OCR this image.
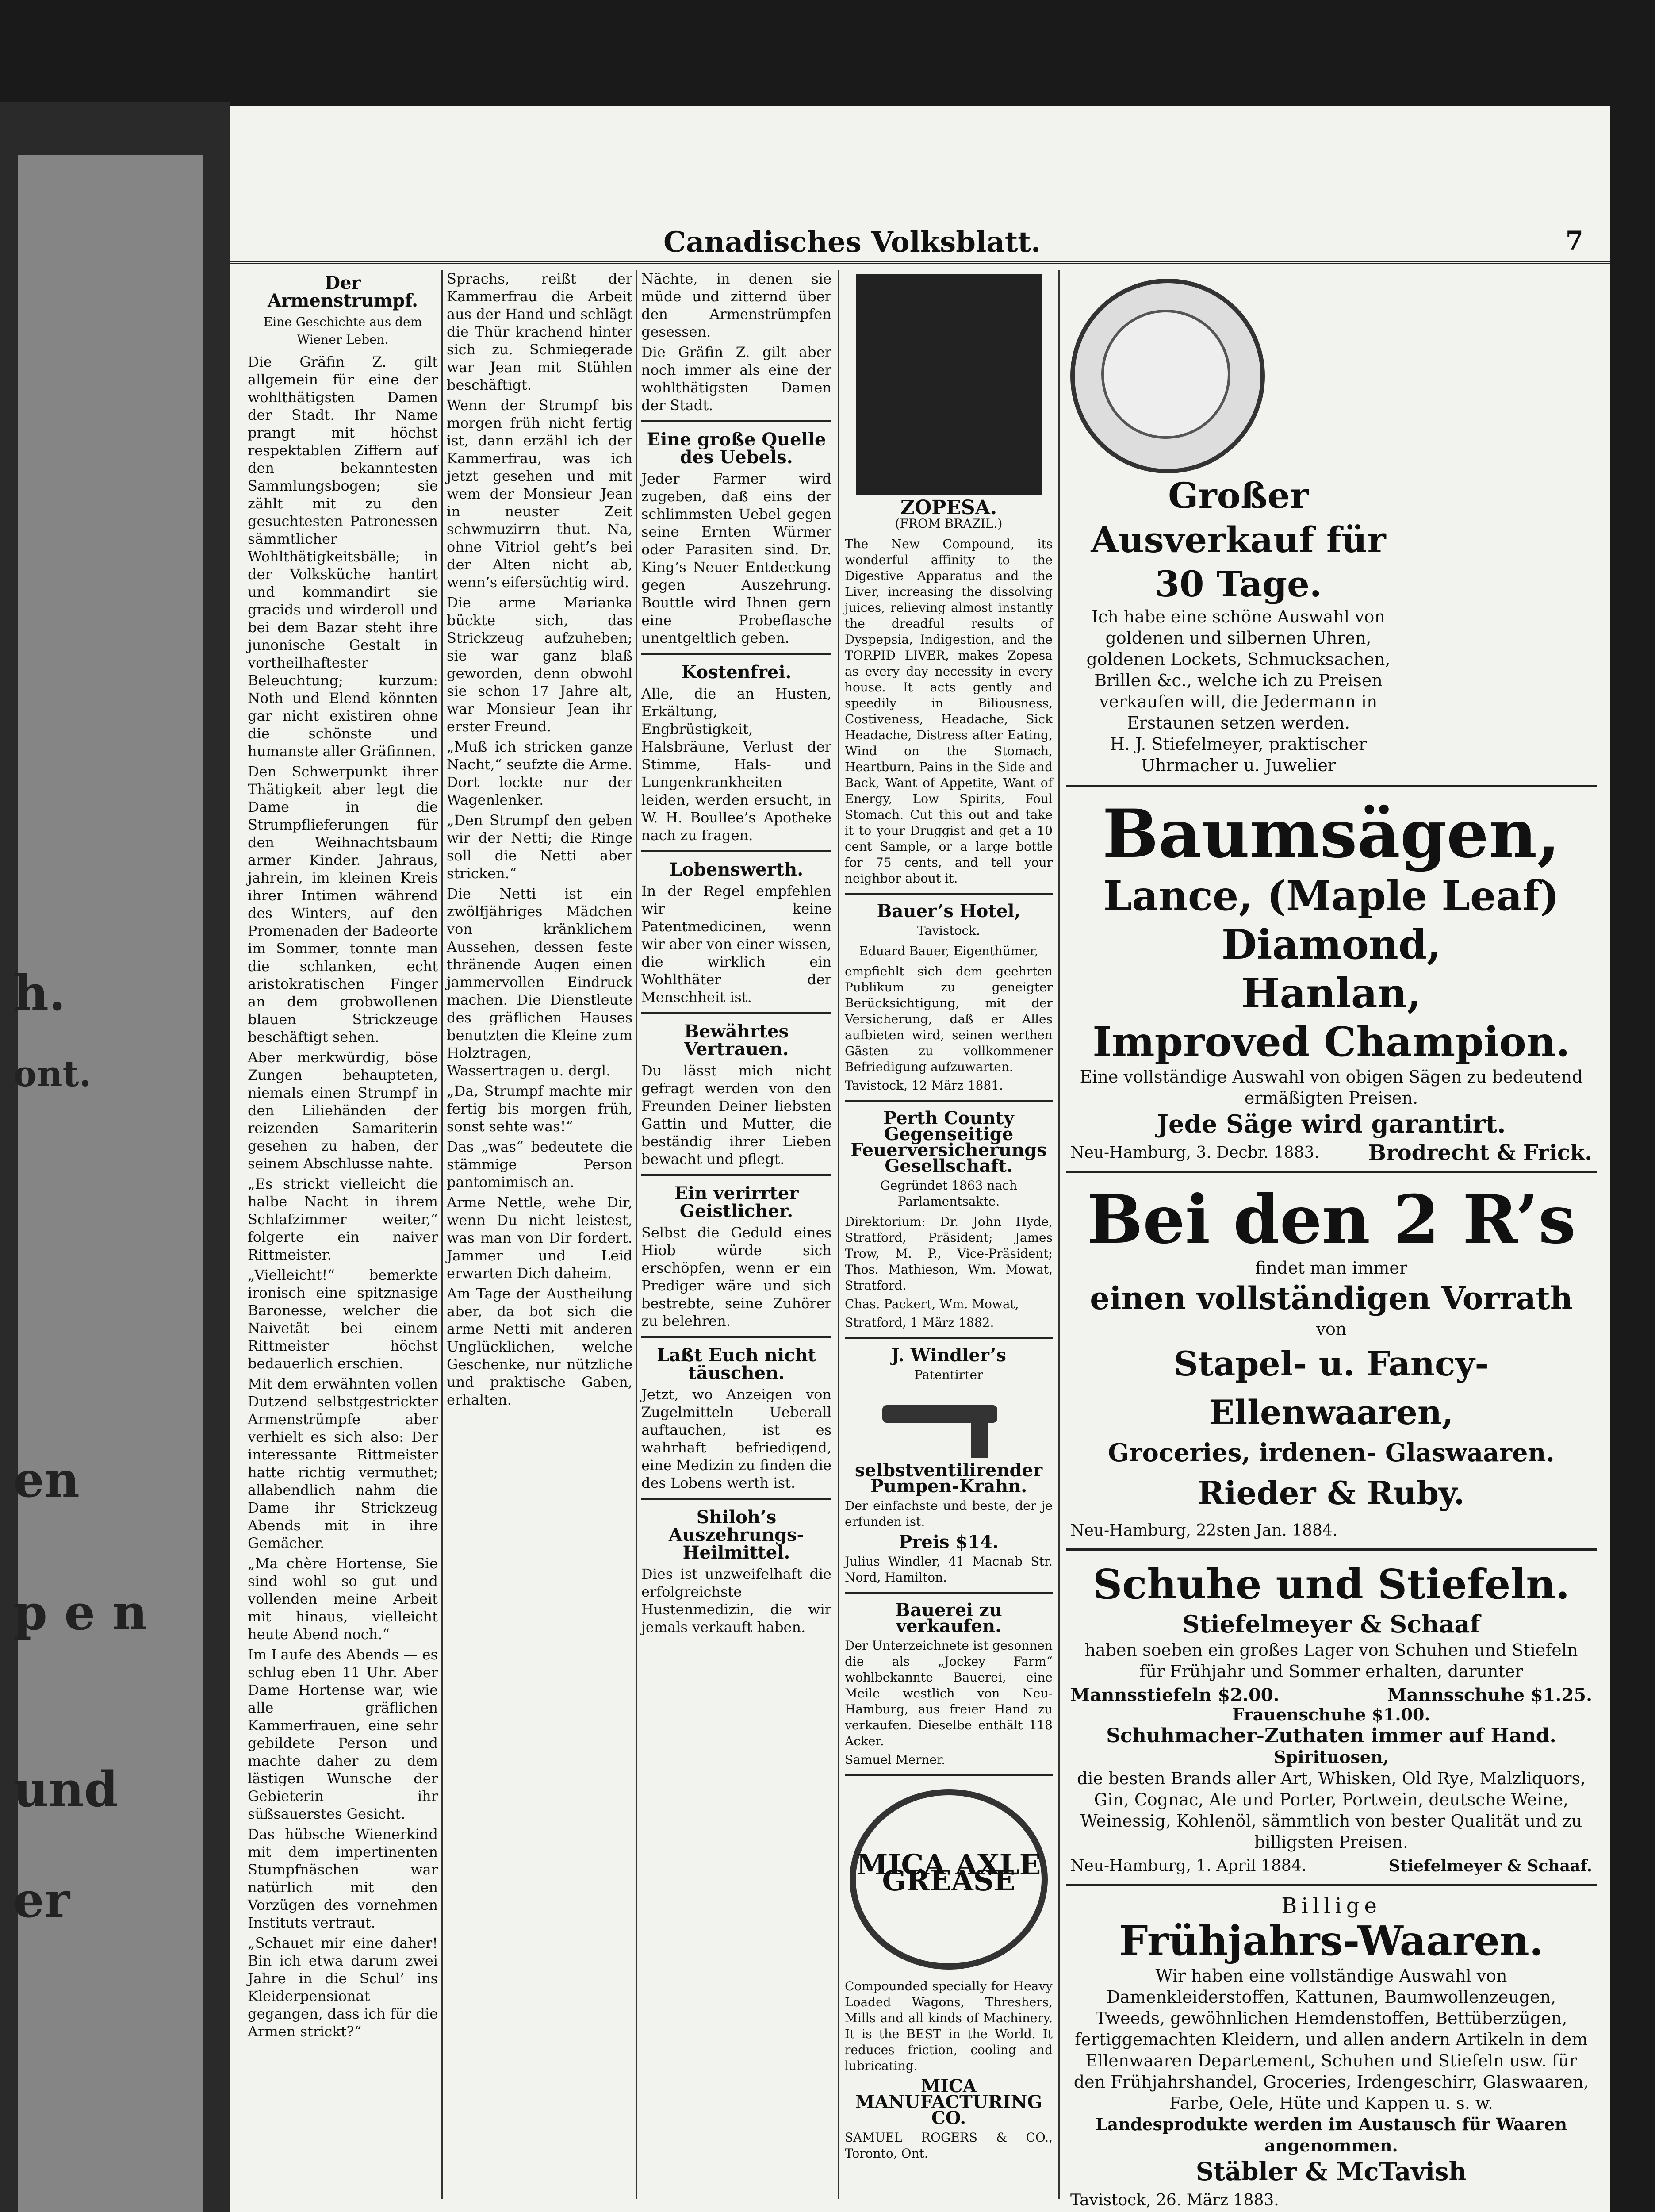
h.
ont.
en
p e n
und
er
Canadisches Volksblatt.	7
Der Armenstrumpf.
Eine Geschichte aus dem Wiener Leben.

Die Gräfin Z. gilt allgemein für eine der wohlthätigsten Damen der Stadt. Ihr Name prangt mit höchst respektablen Ziffern auf den bekanntesten Sammlungsbogen; sie zählt mit zu den gesuchtesten Patronessen sämmtlicher Wohlthätigkeitsbälle; in der Volksküche hantirt und kommandirt sie gracids und wirderoll und bei dem Bazar steht ihre junonische Gestalt in vortheilhaftester Beleuchtung; kurzum: Noth und Elend könnten gar nicht existiren ohne die schönste und humanste aller Gräfinnen.

Den Schwerpunkt ihrer Thätigkeit aber legt die Dame in die Strumpflieferungen für den Weihnachtsbaum armer Kinder. Jahraus, jahrein, im kleinen Kreis ihrer Intimen während des Winters, auf den Promenaden der Badeorte im Sommer, tonnte man die schlanken, echt aristokratischen Finger an dem grobwollenen blauen Strickzeuge beschäftigt sehen.

Aber merkwürdig, böse Zungen behaupteten, niemals einen Strumpf in den Liliehänden der reizenden Samariterin gesehen zu haben, der seinem Abschlusse nahte.

„Es strickt vielleicht die halbe Nacht in ihrem Schlafzimmer weiter,“ folgerte ein naiver Rittmeister.

„Vielleicht!“ bemerkte ironisch eine spitznasige Baronesse, welcher die Naivetät bei einem Rittmeister höchst bedauerlich erschien.

Mit dem erwähnten vollen Dutzend selbstgestrickter Armenstrümpfe aber verhielt es sich also: Der interessante Rittmeister hatte richtig vermuthet; allabendlich nahm die Dame ihr Strickzeug Abends mit in ihre Gemächer.

„Ma chère Hortense, Sie sind wohl so gut und vollenden meine Arbeit mit hinaus, vielleicht heute Abend noch.“

Im Laufe des Abends — es schlug eben 11 Uhr. Aber Dame Hortense war, wie alle gräflichen Kammerfrauen, eine sehr gebildete Person und machte daher zu dem lästigen Wunsche der Gebieterin ihr süßsauerstes Gesicht.

Das hübsche Wienerkind mit dem impertinenten Stumpfnäschen war natürlich mit den Vorzügen des vornehmen Instituts vertraut.

„Schauet mir eine daher! Bin ich etwa darum zwei Jahre in die Schul’ ins Kleiderpensionat gegangen, dass ich für die Armen strickt?“

Sprachs, reißt der Kammerfrau die Arbeit aus der Hand und schlägt die Thür krachend hinter sich zu. Schmiegerade war Jean mit Stühlen beschäftigt.

Wenn der Strumpf bis morgen früh nicht fertig ist, dann erzähl ich der Kammerfrau, was ich jetzt gesehen und mit wem der Monsieur Jean in neuster Zeit schwmuzirrn thut. Na, ohne Vitriol geht’s bei der Alten nicht ab, wenn’s eifersüchtig wird.

Die arme Marianka bückte sich, das Strickzeug aufzuheben; sie war ganz blaß geworden, denn obwohl sie schon 17 Jahre alt, war Monsieur Jean ihr erster Freund.

„Muß ich stricken ganze Nacht,“ seufzte die Arme. Dort lockte nur der Wagenlenker.

„Den Strumpf den geben wir der Netti; die Ringe soll die Netti aber stricken.“

Die Netti ist ein zwölfjähriges Mädchen von kränklichem Aussehen, dessen feste thränende Augen einen jammervollen Eindruck machen. Die Dienstleute des gräflichen Hauses benutzten die Kleine zum Holztragen, Wassertragen u. dergl.

„Da, Strumpf machte mir fertig bis morgen früh, sonst sehte was!“

Das „was“ bedeutete die stämmige Person pantomimisch an.

Arme Nettle, wehe Dir, wenn Du nicht leistest, was man von Dir fordert. Jammer und Leid erwarten Dich daheim.

Am Tage der Austheilung aber, da bot sich die arme Netti mit anderen Unglücklichen, welche Geschenke, nur nützliche und praktische Gaben, erhalten.

Nächte, in denen sie müde und zitternd über den Armenstrümpfen gesessen.

Die Gräfin Z. gilt aber noch immer als eine der wohlthätigsten Damen der Stadt.

Eine große Quelle des Uebels.

Jeder Farmer wird zugeben, daß eins der schlimmsten Uebel gegen seine Ernten Würmer oder Parasiten sind. Dr. King’s Neuer Entdeckung gegen Auszehrung. Bouttle wird Ihnen gern eine Probeflasche unentgeltlich geben.

Kostenfrei.

Alle, die an Husten, Erkältung, Engbrüstigkeit, Halsbräune, Verlust der Stimme, Hals- und Lungenkrankheiten leiden, werden ersucht, in W. H. Boullee’s Apotheke nach zu fragen.

Lobenswerth.

In der Regel empfehlen wir keine Patentmedicinen, wenn wir aber von einer wissen, die wirklich ein Wohlthäter der Menschheit ist.

Bewährtes Vertrauen.

Du lässt mich nicht gefragt werden von den Freunden Deiner liebsten Gattin und Mutter, die beständig ihrer Lieben bewacht und pflegt.

Ein verirrter Geistlicher.

Selbst die Geduld eines Hiob würde sich erschöpfen, wenn er ein Prediger wäre und sich bestrebte, seine Zuhörer zu belehren.

Laßt Euch nicht täuschen.

Jetzt, wo Anzeigen von Zugelmitteln Ueberall auftauchen, ist es wahrhaft befriedigend, eine Medizin zu finden die des Lobens werth ist.

Shiloh’s Auszehrungs-Heilmittel.

Dies ist unzweifelhaft die erfolgreichste Hustenmedizin, die wir jemals verkauft haben.

ZOPESA.
(FROM BRAZIL.)

The New Compound, its wonderful affinity to the Digestive Apparatus and the Liver, increasing the dissolving juices, relieving almost instantly the dreadful results of Dyspepsia, Indigestion, and the TORPID LIVER, makes Zopesa as every day necessity in every house. It acts gently and speedily in Biliousness, Costiveness, Headache, Sick Headache, Distress after Eating, Wind on the Stomach, Heartburn, Pains in the Side and Back, Want of Appetite, Want of Energy, Low Spirits, Foul Stomach. Cut this out and take it to your Druggist and get a 10 cent Sample, or a large bottle for 75 cents, and tell your neighbor about it.

Bauer’s Hotel,
Tavistock.
Eduard Bauer, Eigenthümer,

empfiehlt sich dem geehrten Publikum zu geneigter Berücksichtigung, mit der Versicherung, daß er Alles aufbieten wird, seinen werthen Gästen zu vollkommener Befriedigung aufzuwarten.

Tavistock, 12 März 1881.

Perth County Gegenseitige Feuerversicherungs Gesellschaft.
Gegründet 1863 nach Parlamentsakte.

Direktorium: Dr. John Hyde, Stratford, Präsident; James Trow, M. P., Vice-Präsident; Thos. Mathieson, Wm. Mowat, Stratford.

Chas. Packert, Wm. Mowat,

Stratford, 1 März 1882.

J. Windler’s
Patentirter
selbstventilirender Pumpen-Krahn.

Der einfachste und beste, der je erfunden ist.

Preis $14.

Julius Windler, 41 Macnab Str. Nord, Hamilton.

Bauerei zu verkaufen.

Der Unterzeichnete ist gesonnen die als „Jockey Farm“ wohlbekannte Bauerei, eine Meile westlich von Neu-Hamburg, aus freier Hand zu verkaufen. Dieselbe enthält 118 Acker.

Samuel Merner.

MICA AXLE GREASE

Compounded specially for Heavy Loaded Wagons, Threshers, Mills and all kinds of Machinery. It is the BEST in the World. It reduces friction, cooling and lubricating.

MICA MANUFACTURING CO.

SAMUEL ROGERS & CO., Toronto, Ont.

Großer Ausverkauf für 30 Tage.
Ich habe eine schöne Auswahl von goldenen und silbernen Uhren, goldenen Lockets, Schmucksachen, Brillen &c., welche ich zu Preisen verkaufen will, die Jedermann in Erstaunen setzen werden.
H. J. Stiefelmeyer, praktischer Uhrmacher u. Juwelier
Baumsägen,
Lance, (Maple Leaf)
Diamond,
Hanlan,
Improved Champion.
Eine vollständige Auswahl von obigen Sägen zu bedeutend ermäßigten Preisen.
Jede Säge wird garantirt.
Neu-Hamburg, 3. Decbr. 1883. Brodrecht & Frick.
Bei den 2 R’s
findet man immer
einen vollständigen Vorrath
von
Stapel- u. Fancy-Ellenwaaren,
Groceries, irdenen- Glaswaaren.
Rieder & Ruby.
Neu-Hamburg, 22sten Jan. 1884.
Schuhe und Stiefeln.
Stiefelmeyer & Schaaf
haben soeben ein großes Lager von Schuhen und Stiefeln für Frühjahr und Sommer erhalten, darunter
Mannsstiefeln $2.00.	Mannsschuhe $1.25.
Frauenschuhe $1.00.
Schuhmacher-Zuthaten immer auf Hand.
Spirituosen,
die besten Brands aller Art, Whisken, Old Rye, Malzliquors, Gin, Cognac, Ale und Porter, Portwein, deutsche Weine, Weinessig, Kohlenöl, sämmtlich von bester Qualität und zu billigsten Preisen.
Neu-Hamburg, 1. April 1884.	Stiefelmeyer & Schaaf.
Billige
Frühjahrs-Waaren.
Wir haben eine vollständige Auswahl von Damenkleiderstoffen, Kattunen, Baumwollenzeugen, Tweeds, gewöhnlichen Hemdenstoffen, Bettüberzügen, fertiggemachten Kleidern, und allen andern Artikeln in dem Ellenwaaren Departement, Schuhen und Stiefeln usw. für den Frühjahrshandel, Groceries, Irdengeschirr, Glaswaaren, Farbe, Oele, Hüte und Kappen u. s. w.
Landesprodukte werden im Austausch für Waaren angenommen.
Stäbler & McTavish
Tavistock, 26. März 1883.
